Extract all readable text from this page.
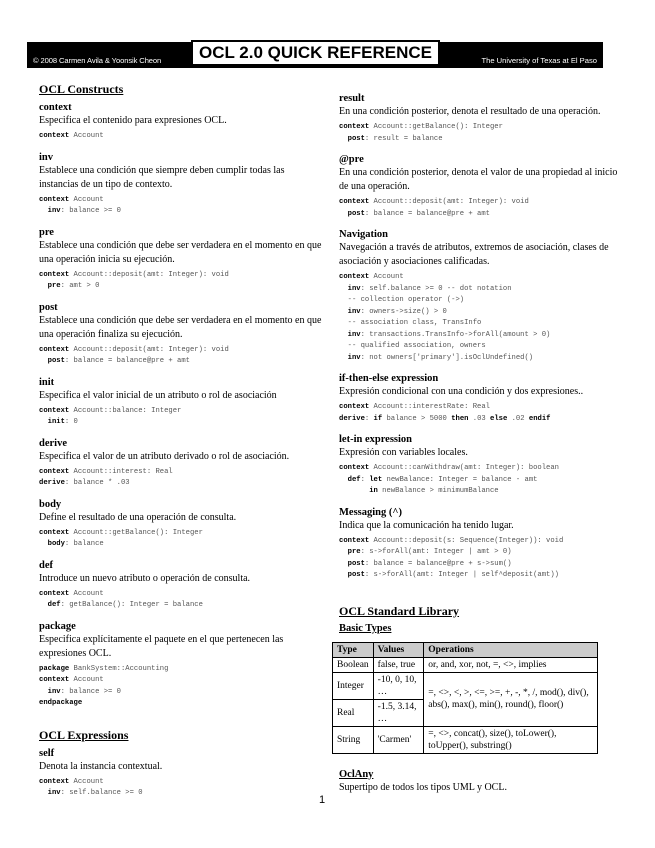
© 2008 Carmen Avila & Yoonsik Cheon	OCL 2.0 QUICK REFERENCE	The University of Texas at El Paso
OCL Constructs
context
Especifica el contenido para expresiones OCL.
context Account
inv
Establece una condición que siempre deben cumplir todas las instancias de un tipo de contexto.
context Account
inv: balance >= 0
pre
Establece una condición que debe ser verdadera en el momento en que una operación inicia su ejecución.
context Account::deposit(amt: Integer): void
pre: amt > 0
post
Establece una condición que debe ser verdadera en el momento en que una operación finaliza su ejecución.
context Account::deposit(amt: Integer): void
post: balance = balance@pre + amt
init
Especifica el valor inicial de un atributo o rol de asociación
context Account::balance: Integer
init: 0
derive
Especifica el valor de un atributo derivado o rol de asociación.
context Account::interest: Real
derive: balance * .03
body
Define el resultado de una operación de consulta.
context Account::getBalance(): Integer
body: balance
def
Introduce un nuevo atributo o operación de consulta.
context Account
def: getBalance(): Integer = balance
package
Especifica explícitamente el paquete en el que pertenecen las expresiones OCL.
package BankSystem::Accounting
context Account
inv: balance >= 0
endpackage
OCL Expressions
self
Denota la instancia contextual.
context Account
inv: self.balance >= 0
result
En una condición posterior, denota el resultado de una operación.
context Account::getBalance(): Integer
post: result = balance
@pre
En una condición posterior, denota el valor de una propiedad al inicio de una operación.
context Account::deposit(amt: Integer): void
post: balance = balance@pre + amt
Navigation
Navegación a través de atributos, extremos de asociación, clases de asociación y asociaciones calificadas.
context Account
inv: self.balance >= 0 -- dot notation
-- collection operator (->)
inv: owners->size() > 0
-- association class, TransInfo
inv: transactions.TransInfo->forAll(amount > 0)
-- qualified association, owners
inv: not owners['primary'].isOclUndefined()
if-then-else expression
Expresión condicional con una condición y dos expresiones..
context Account::interestRate: Real
derive: if balance > 5000 then .03 else .02 endif
let-in expression
Expresión con variables locales.
context Account::canWithdraw(amt: Integer): boolean
def: let newBalance: Integer = balance - amt
in newBalance > minimumBalance
Messaging (^)
Indica que la comunicación ha tenido lugar.
context Account::deposit(s: Sequence(Integer)): void
pre: s->forAll(amt: Integer | amt > 0)
post: balance = balance@pre + s->sum()
post: s->forAll(amt: Integer | self^deposit(amt))
OCL Standard Library
Basic Types
Type	Values	Operations
Boolean	false, true	or, and, xor, not, =, <>, implies
Integer	-10, 0, 10, …	=, <>, <, >, <=, >=, +, -, *, /, mod(), div(), abs(), max(), min(), round(), floor()
Real	-1.5, 3.14, …	
String	'Carmen'	=, <>, concat(), size(), toLower(), toUpper(), substring()
OclAny
Supertipo de todos los tipos UML y OCL.
1
